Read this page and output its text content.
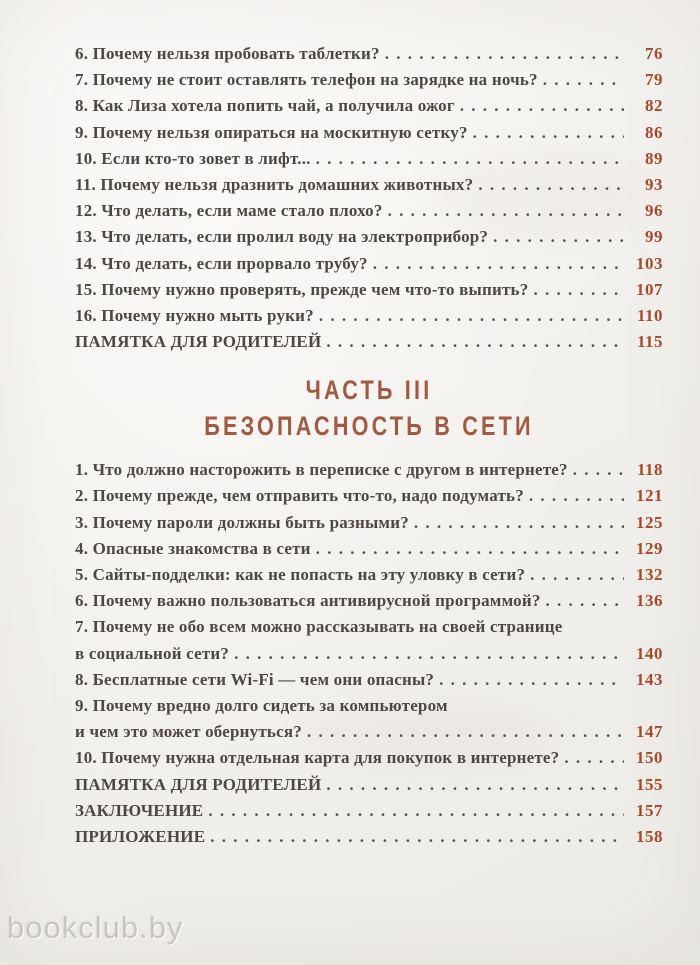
6. Почему нельзя пробовать таблетки? . . .	76
7. Почему не стоит оставлять телефон на зарядке на ночь? . . .	79
8. Как Лиза хотела попить чай, а получила ожог . . .	82
9. Почему нельзя опираться на москитную сетку? . . .	86
10. Если кто-то зовет в лифт... . . .	89
11. Почему нельзя дразнить домашних животных? . . .	93
12. Что делать, если маме стало плохо? . . .	96
13. Что делать, если пролил воду на электроприбор? . . .	99
14. Что делать, если прорвало трубу? . . .	103
15. Почему нужно проверять, прежде чем что-то выпить? . . .	107
16. Почему нужно мыть руки? . . .	110
ПАМЯТКА ДЛЯ РОДИТЕЛЕЙ . . .	115
ЧАСТЬ III
БЕЗОПАСНОСТЬ В СЕТИ
1. Что должно насторожить в переписке с другом в интернете? . . .	118
2. Почему прежде, чем отправить что-то, надо подумать? . . .	121
3. Почему пароли должны быть разными? . . .	125
4. Опасные знакомства в сети . . .	129
5. Сайты-подделки: как не попасть на эту уловку в сети? . . .	132
6. Почему важно пользоваться антивирусной программой? . . .	136
7. Почему не обо всем можно рассказывать на своей странице
в социальной сети? . . .	140
8. Бесплатные сети Wi-Fi — чем они опасны? . . .	143
9. Почему вредно долго сидеть за компьютером
и чем это может обернуться? . . .	147
10. Почему нужна отдельная карта для покупок в интернете? . . .	150
ПАМЯТКА ДЛЯ РОДИТЕЛЕЙ . . .	155
ЗАКЛЮЧЕНИЕ . . .	157
ПРИЛОЖЕНИЕ . . .	158
bookclub.by
